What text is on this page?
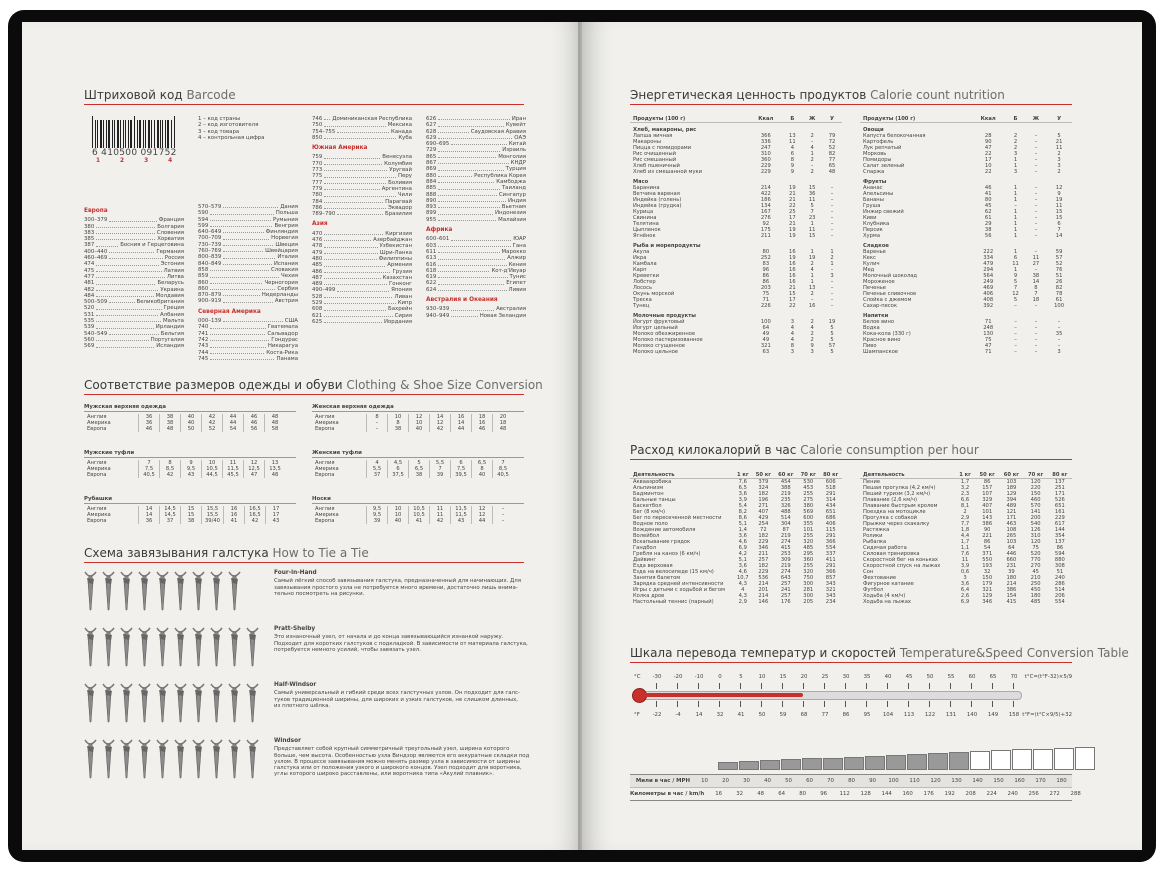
Штриховой код Barcode
6 410500 091752
1	2	3	4
1 – код страны
2 – код изготовителя
3 – код товара
4 – контрольная цифра
Европа
300–379	Франция
380	Болгария
383	Словения
385	Хорватия
387	Босния и Герцеговина
400–440	Германия
460–469	Россия
474	Эстония
475	Латвия
477	Литва
481	Беларусь
482	Украина
484	Молдавия
500–509	Великобритания
520	Греция
531	Албания
535	Мальта
539	Ирландия
540–549	Бельгия
560	Португалия
569	Исландия
570–579	Дания
590	Польша
594	Румыния
599	Венгрия
640–649	Финляндия
700–709	Норвегия
730–739	Швеция
760–769	Швейцария
800–839	Италия
840–849	Испания
858	Словакия
859	Чехия
860	Черногория
860	Сербия
870–879	Нидерланды
900–919	Австрия
Северная Америка
000–139	США
740	Гватемала
741	Сальвадор
742	Гондурас
743	Никарагуа
744	Коста-Рика
745	Панама
746 Доминиканская Республика
750	Мексика
754–755	Канада
850	Куба
Южная Америка
759	Венесуэла
770	Колумбия
773	Уругвай
775	Перу
777	Боливия
779	Аргентина
780	Чили
784	Парагвай
786	Эквадор
789–790	Бразилия
Азия
470	Киргизия
476	Азербайджан
478	Узбекистан
479	Шри-Ланка
480	Филиппины
485	Армения
486	Грузия
487	Казахстан
489	Гонконг
490–499	Япония
528	Ливан
529	Кипр
608	Бахрейн
621	Сирия
625	Иордания
626	Иран
627	Кувейт
628	Саудовская Аравия
629	ОАЭ
690–695	Китай
729	Израиль
865	Монголия
867	КНДР
869	Турция
880	Республика Корея
884	Камбоджа
885	Таиланд
888	Сингапур
890	Индия
893	Вьетнам
899	Индонезия
955	Малайзия
Африка
600–601	ЮАР
603	Гана
611	Марокко
613	Алжир
616	Кения
618	Кот-д'Ивуар
619	Тунис
622	Египет
624	Ливия
Австралия и Океания
930–939	Австралия
940–949	Новая Зеландия
Соответствие размеров одежды и обуви Clothing & Shoe Size Conversion
Мужская верхняя одежда
Англия	36	38	40	42	44	46	48
Америка	36	38	40	42	44	46	48
Европа	46	48	50	52	54	56	58
Женская верхняя одежда
Англия	8	10	12	14	16	18	20
Америка	–	8	10	12	14	16	18
Европа	–	38	40	42	44	46	48
Мужские туфли
Англия	7	8	9	10	11	12	13
Америка	7,5	8,5	9,5	10,5	11,5	12,5	13,5
Европа	40,5	42	43	44,5	45,5	47	48
Женские туфли
Англия	4	4,5	5	5,5	6	6,5	7
Америка	5,5	6	6,5	7	7,5	8	8,5
Европа	37	37,5	38	39	39,5	40	40,5
Рубашки
Англия	14	14,5	15	15,5	16	16,5	17
Америка	14	14,5	15	15,5	16	16,5	17
Европа	36	37	38	39/40	41	42	43
Носки
Англия	9,5	10	10,5	11	11,5	12	–
Америка	9,5	10	10,5	11	11,5	12	–
Европа	39	40	41	42	43	44	–
Схема завязывания галстука How to Tie a Tie
Four-in-Hand
Самый лёгкий способ завязывания галстука, предназначенный для начинающих. Для
завязывания простого узла не потребуется много времени, достаточно лишь внима-
тельно посмотреть на рисунки.
Pratt-Shelby
Это изнаночный узел, от начала и до конца завязывающийся изнанкой наружу.
Подходит для коротких галстуков с подкладкой. В зависимости от материала галстука,
потребуется немного усилий, чтобы завязать узел.
Half-Windsor
Самый универсальный и гибкий среди всех галстучных узлов. Он подходит для галс-
туков традиционной ширины, для широких и узких галстуков, не слишком длинных,
из плотного шёлка.
Windsor
Представляет собой крупный симметричный треугольный узел, ширина которого
больше, чем высота. Особенностью узла Виндзор являются его аккуратные складки под
узлом. В процессе завязывания можно менять размер узла в зависимости от ширины
галстука или от положения узкого и широкого концов. Узел подходит для воротника,
углы которого широко расставлены, или воротника типа «Акулий плавник».
Энергетическая ценность продуктов Calorie count nutrition
Продукты (100 г)	Ккал	Б	Ж	У
Хлеб, макароны, рис				
Лапша яичная	366	13	2	79
Макароны	336	11	–	72
Пицца с помидорами	247	4	4	52
Рис очищенный	310	6	1	82
Рис смешанный	360	8	2	77
Хлеб пшеничный	229	9	–	65
Хлеб из смешанной муки	229	9	2	48
Мясо				
Баранина	214	19	15	–
Ветчина вареная	422	21	36	–
Индейка (голень)	186	21	11	–
Индейка (грудка)	134	22	5	–
Курица	167	25	7	–
Свинина	276	17	23	–
Телятина	92	21	1	–
Цыпленок	175	19	11	–
Ягнёнок	211	19	15	–
Рыба и морепродукты				
Акула	80	16	1	1
Икра	252	19	19	2
Камбала	83	16	2	1
Карп	96	16	4	–
Креветки	86	16	1	3
Лобстер	86	16	1	–
Лосось	203	21	13	–
Окунь морской	75	15	2	–
Треска	71	17	–	–
Тунец	226	22	16	–
Молочные продукты				
Йогурт фруктовый	100	3	2	19
Йогурт цельный	64	4	4	5
Молоко обезжиренное	49	4	2	5
Молоко пастеризованное	49	4	2	5
Молоко сгущенное	321	8	9	57
Молоко цельное	63	3	3	5
Продукты (100 г)	Ккал	Б	Ж	У
Овощи				
Капуста белокочанная	28	2	–	5
Картофель	90	2	–	21
Лук репчатый	47	2	–	11
Морковь	22	3	–	2
Помидоры	17	1	–	3
Салат зеленый	10	1	–	3
Спаржа	22	3	–	2
Фрукты				
Ананас	46	1	–	12
Апельсины	41	1	–	9
Бананы	80	1	–	19
Груша	45	–	–	11
Инжир свежий	62	1	–	15
Киви	61	1	–	15
Клубника	29	1	–	6
Персик	38	1	–	7
Хурма	56	1	–	14
Сладкое				
Варенье	222	1	–	59
Кекс	334	6	11	57
Кулич	479	11	27	52
Мед	294	1	–	76
Молочный шоколад	564	9	38	51
Мороженое	249	5	14	26
Печенье	469	7	8	82
Печенье сливочное	406	12	7	78
Слойка с джемом	408	5	18	61
Сахар-песок	392	–	–	100
Напитки				
Белое вино	71	–	–	–
Водка	248	–	–	–
Кока-кола (330 г)	130	–	–	35
Красное вино	75	–	–	–
Пиво	47	–	–	–
Шампанское	71	–	–	3
Расход килокалорий в час Calorie consumption per hour
Деятельность	1 кг	50 кг	60 кг	70 кг	80 кг
Аквааэробика	7,6	379	454	530	606
Альпинизм	6,5	324	388	453	518
Бадминтон	3,6	182	219	255	291
Бальные танцы	3,9	196	235	275	314
Баскетбол	5,4	271	326	380	434
Бег (8 км/ч)	8,2	407	488	569	651
Бег по пересеченной местности	8,6	429	514	600	686
Водное поло	5,1	254	304	355	406
Вождение автомобиля	1,4	72	87	101	115
Волейбол	3,6	182	219	255	291
Вскапывание грядок	4,6	229	274	320	366
Гандбол	6,9	346	415	485	554
Гребля на каноэ (6 км/ч)	4,2	211	253	295	337
Дайвинг	5,1	257	309	360	411
Езда верховая	3,6	182	219	255	291
Езда на велосипеде (15 км/ч)	4,6	229	274	320	366
Занятия балетом	10,7	536	643	750	857
Зарядка средней интенсивности	4,3	214	257	300	343
Игры с детьми с ходьбой и бегом	4	201	241	281	321
Колка дров	4,3	214	257	300	343
Настольный теннис (парный)	2,9	146	176	205	234
Деятельность	1 кг	50 кг	60 кг	70 кг	80 кг
Пение	1,7	86	103	120	137
Пешая прогулка (4,2 км/ч)	3,2	157	189	220	251
Пеший туризм (3,2 км/ч)	2,3	107	129	150	171
Плавание (2,6 км/ч)	6,6	329	394	460	526
Плавание быстрым кролем	8,1	407	489	570	651
Поездка на мотоцикле	2	101	121	141	161
Прогулка с собакой	2,9	143	171	200	229
Прыжки через скакалку	7,7	386	463	540	617
Растяжка	1,8	90	108	126	144
Ролики	4,4	221	265	310	354
Рыбалка	1,7	86	103	120	137
Сидячая работа	1,1	54	64	75	86
Силовая тренировка	7,6	371	446	520	594
Скоростной бег на коньках	11	550	660	770	880
Скоростной спуск на лыжах	3,9	193	231	270	308
Сон	0,6	32	39	45	51
Фехтование	3	150	180	210	240
Фигурное катание	3,6	179	214	250	286
Футбол	6,4	321	386	450	514
Ходьба (4 км/ч)	2,6	129	154	180	206
Ходьба на лыжах	6,9	346	415	485	554
Шкала перевода температур и скоростей Temperature&Speed Conversion Table
°C
°F
-30	-20	-10	0	5	10	15	20	25	30	35	40	45	50	55	60	65	70
-22	-4	14	32	41	50	59	68	77	86	95	104	113	122	131	140	149	158
t°C=(t°F-32)×5/9
t°F=(t°C×9/5)+32
Мили в час / MPH	10	20	30	40	50	60	70	80	90	100	110	120	130	140	150	160	170	180
Километры в час / km/h	16	32	48	64	80	96	112	128	144	160	176	192	208	224	240	256	272	288
